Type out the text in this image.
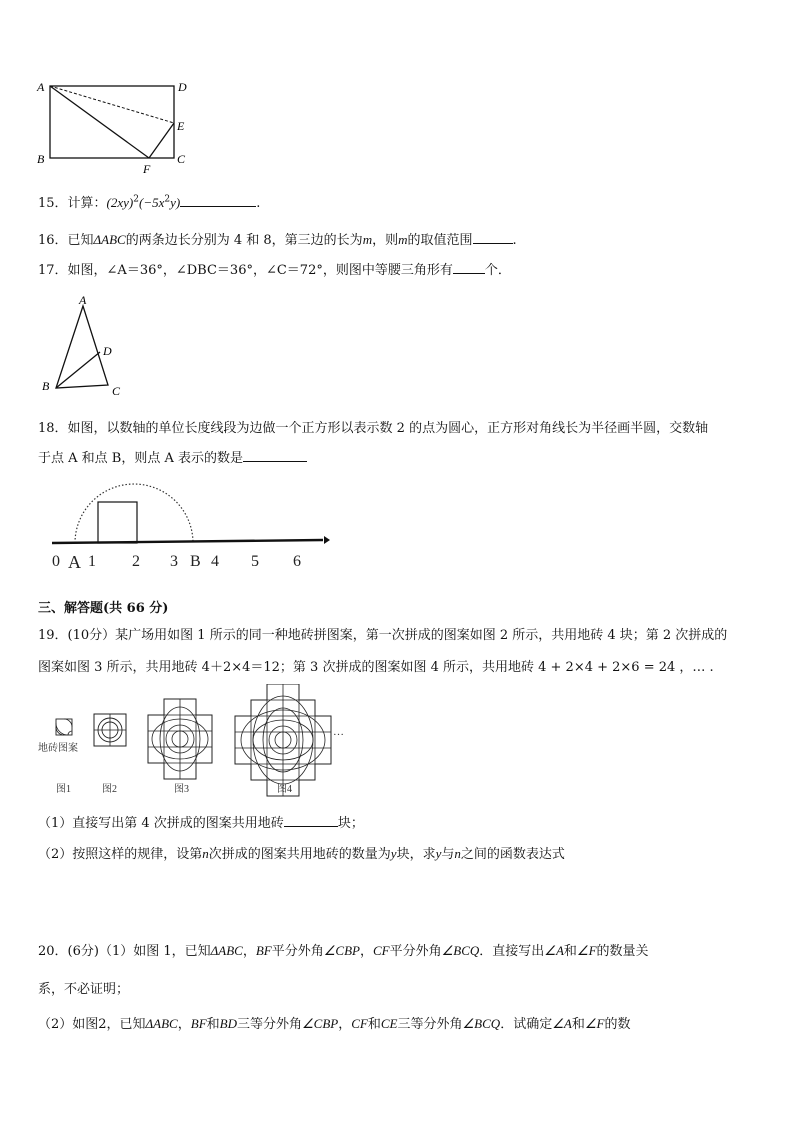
A	D
E
B	C
F
15．计算：$(2xy)^2(-5x^2y)$	.
16．已知ΔABC的两条边长分别为 4 和 8，第三边的长为m，则m的取值范围	.
17．如图，∠A＝36°，∠DBC＝36°，∠C＝72°，则图中等腰三角形有 个．
A
D
B	C
18．如图，以数轴的单位长度线段为边做一个正方形以表示数 2 的点为圆心，正方形对角线长为半径画半圆，交数轴
于点 A 和点 B，则点 A 表示的数是
0 A 1 2 3 B 4 5 6
三、解答题(共 66 分)
19．(10分）某广场用如图 1 所示的同一种地砖拼图案，第一次拼成的图案如图 2 所示，共用地砖 4 块；第 2 次拼成的
图案如图 3 所示，共用地砖 4＋2×4＝12；第 3 次拼成的图案如图 4 所示，共用地砖 4 + 2×4 + 2×6 = 24 ，… .
地砖图案
…
图1	图2	图3	图4
（1）直接写出第 4 次拼成的图案共用地砖	块；
（2）按照这样的规律，设第n次拼成的图案共用地砖的数量为y块，求y与n之间的函数表达式
20．(6分)（1）如图 1，已知ΔABC，BF平分外角∠CBP，CF平分外角∠BCQ．直接写出∠A和∠F的数量关
系，不必证明；
（2）如图2，已知ΔABC，BF和BD三等分外角∠CBP，CF和CE三等分外角∠BCQ．试确定∠A和∠F的数
